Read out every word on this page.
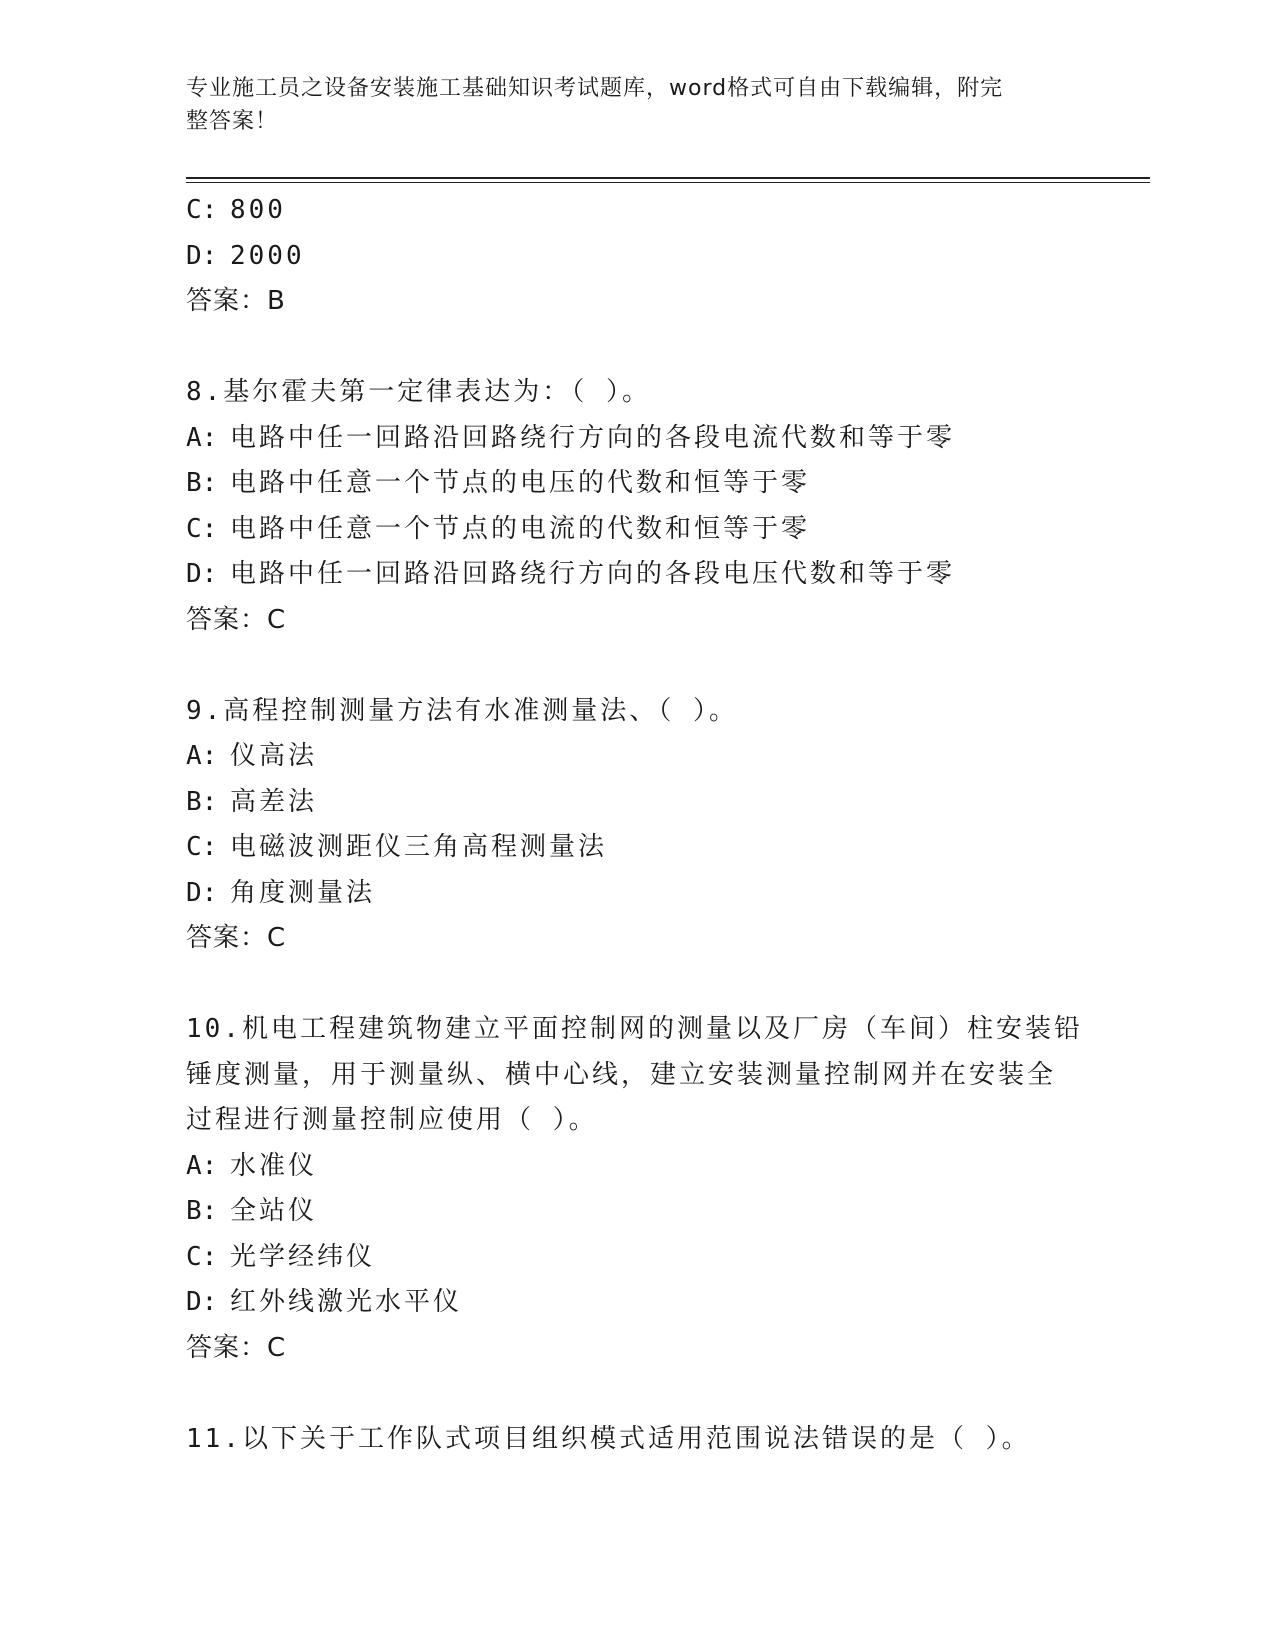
专业施工员之设备安装施工基础知识考试题库，word格式可自由下载编辑，附完
整答案！
C: 800
D: 2000
答案：B
8.基尔霍夫第一定律表达为：（ ）。
A: 电路中任一回路沿回路绕行方向的各段电流代数和等于零
B: 电路中任意一个节点的电压的代数和恒等于零
C: 电路中任意一个节点的电流的代数和恒等于零
D: 电路中任一回路沿回路绕行方向的各段电压代数和等于零
答案：C
9.高程控制测量方法有水准测量法、（ ）。
A: 仪高法
B: 高差法
C: 电磁波测距仪三角高程测量法
D: 角度测量法
答案：C
10.机电工程建筑物建立平面控制网的测量以及厂房（车间）柱安装铅
锤度测量，用于测量纵、横中心线，建立安装测量控制网并在安装全
过程进行测量控制应使用（ ）。
A: 水准仪
B: 全站仪
C: 光学经纬仪
D: 红外线激光水平仪
答案：C
11.以下关于工作队式项目组织模式适用范围说法错误的是（ ）。
